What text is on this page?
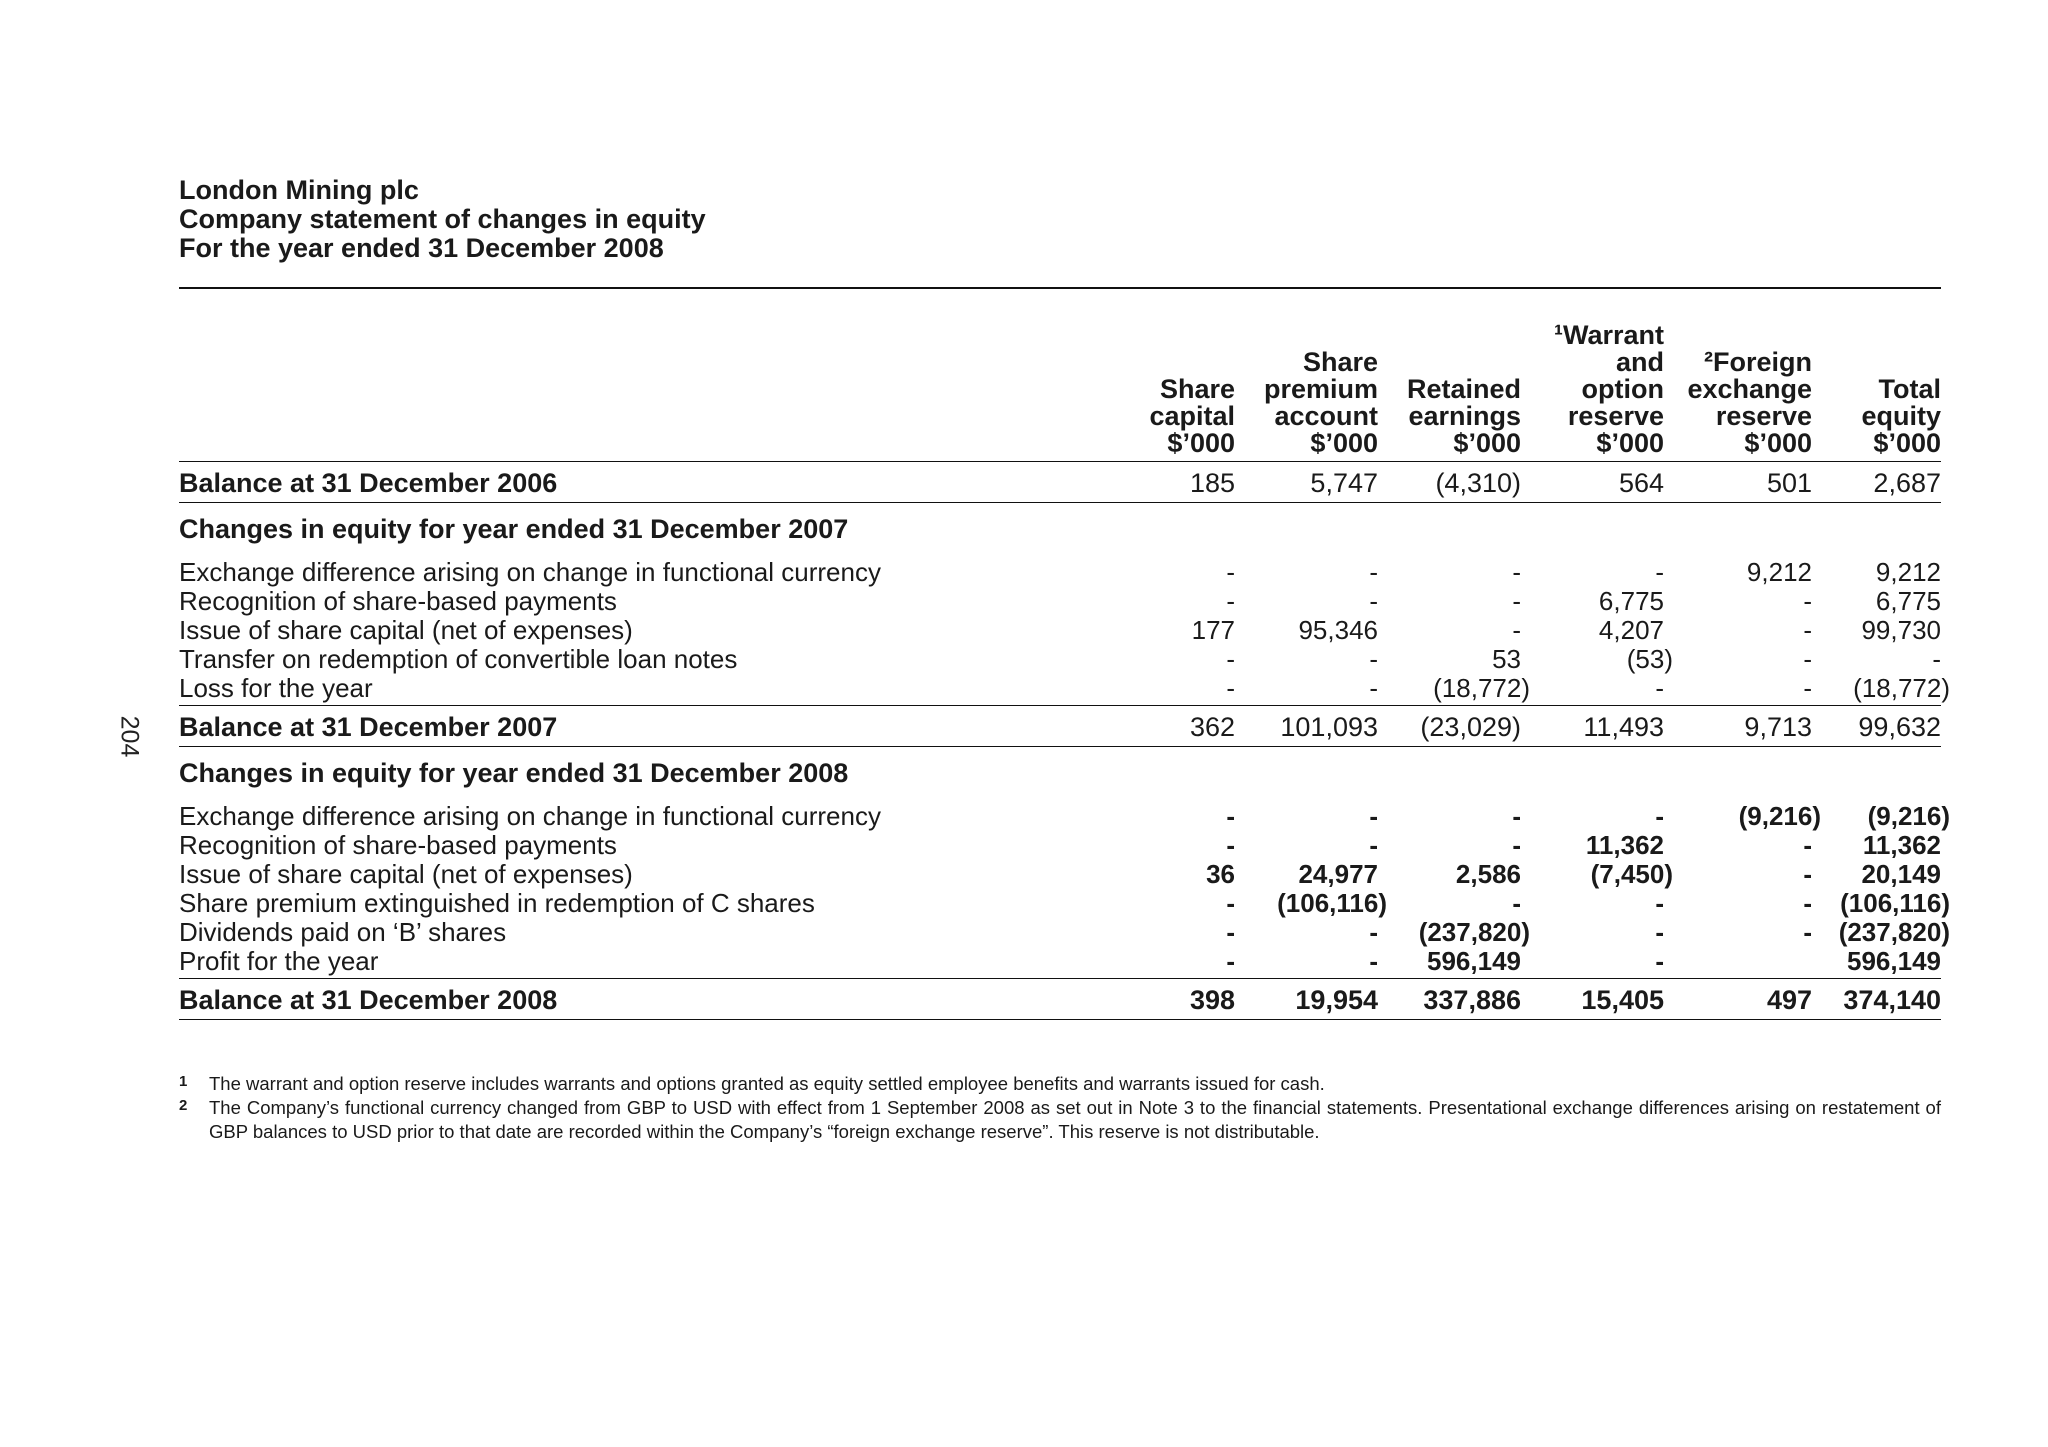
204
London Mining plc
Company statement of changes in equity
For the year ended 31 December 2008

	Share
capital
$’000	Share
premium
account
$’000	Retained
earnings
$’000	¹Warrant
and
option
reserve
$’000	²Foreign
exchange
reserve
$’000	Total
equity
$’000

Balance at 31 December 2006	185	5,747	(4,310)	564	501	2,687
Changes in equity for year ended 31 December 2007						
Exchange difference arising on change in functional currency	-	-	-	-	9,212	9,212
Recognition of share-based payments	-	-	-	6,775	-	6,775
Issue of share capital (net of expenses)	177	95,346	-	4,207	-	99,730
Transfer on redemption of convertible loan notes	-	-	53	(53)	-	-
Loss for the year	-	-	(18,772)	-	-	(18,772)
Balance at 31 December 2007	362	101,093	(23,029)	11,493	9,713	99,632
Changes in equity for year ended 31 December 2008						
Exchange difference arising on change in functional currency	-	-	-	-	(9,216)	(9,216)
Recognition of share-based payments	-	-	-	11,362	-	11,362
Issue of share capital (net of expenses)	36	24,977	2,586	(7,450)	-	20,149
Share premium extinguished in redemption of C shares	-	(106,116)	-	-	-	(106,116)
Dividends paid on ‘B’ shares	-	-	(237,820)	-	-	(237,820)
Profit for the year	-	-	596,149	-		596,149
Balance at 31 December 2008	398	19,954	337,886	15,405	497	374,140
1	The warrant and option reserve includes warrants and options granted as equity settled employee benefits and warrants issued for cash.
2	The Company’s functional currency changed from GBP to USD with effect from 1 September 2008 as set out in Note 3 to the financial statements. Presentational exchange differences arising on restatement of GBP balances to USD prior to that date are recorded within the Company’s “foreign exchange reserve”. This reserve is not distributable.
